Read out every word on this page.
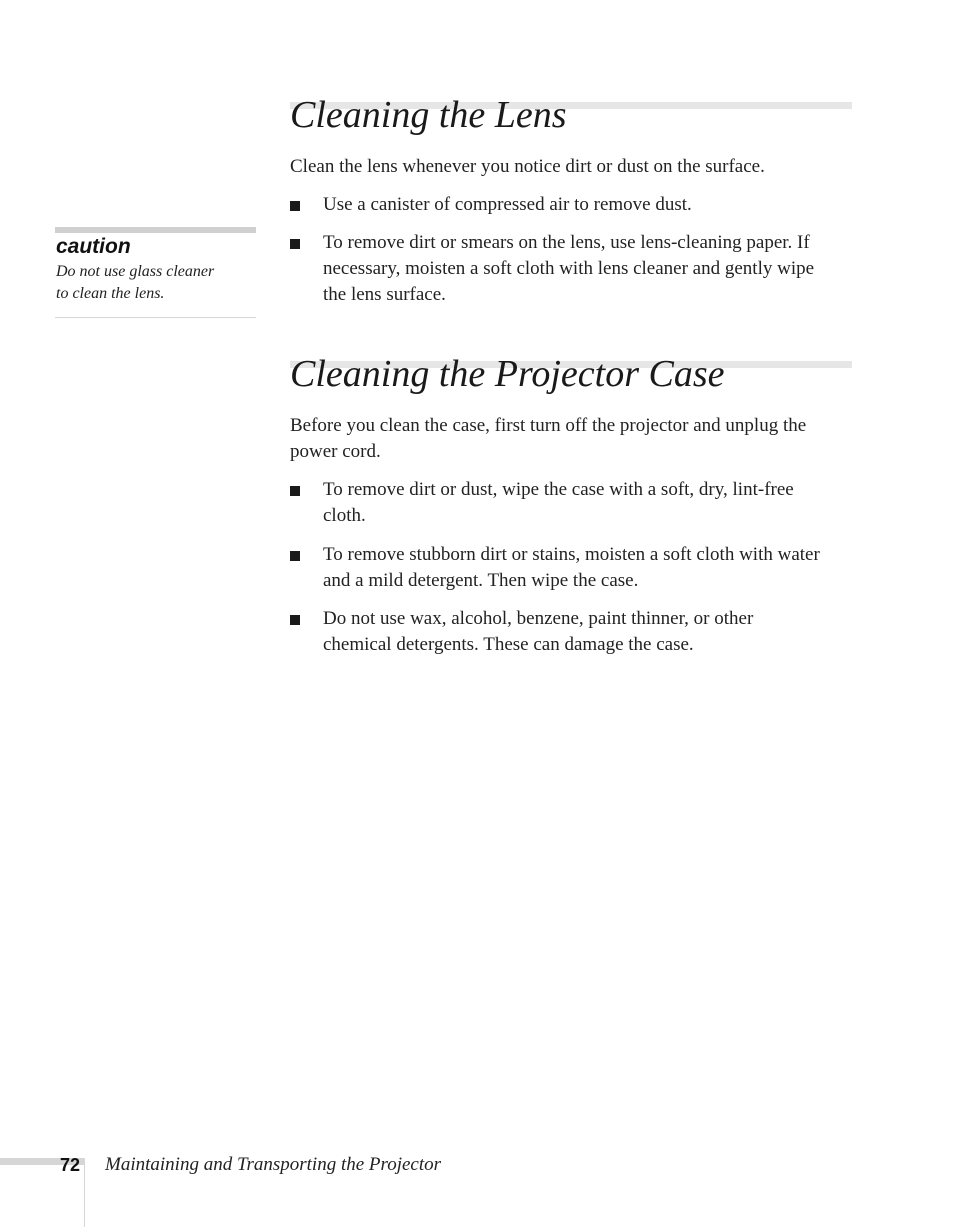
caution
Do not use glass cleaner
to clean the lens.
Cleaning the Lens

Clean the lens whenever you notice dirt or dust on the surface.

Use a canister of compressed air to remove dust.
To remove dirt or smears on the lens, use lens-cleaning paper. If
necessary, moisten a soft cloth with lens cleaner and gently wipe
the lens surface.
Cleaning the Projector Case

Before you clean the case, first turn off the projector and unplug the
power cord.

To remove dirt or dust, wipe the case with a soft, dry, lint-free
cloth.
To remove stubborn dirt or stains, moisten a soft cloth with water
and a mild detergent. Then wipe the case.
Do not use wax, alcohol, benzene, paint thinner, or other
chemical detergents. These can damage the case.
72 Maintaining and Transporting the Projector
